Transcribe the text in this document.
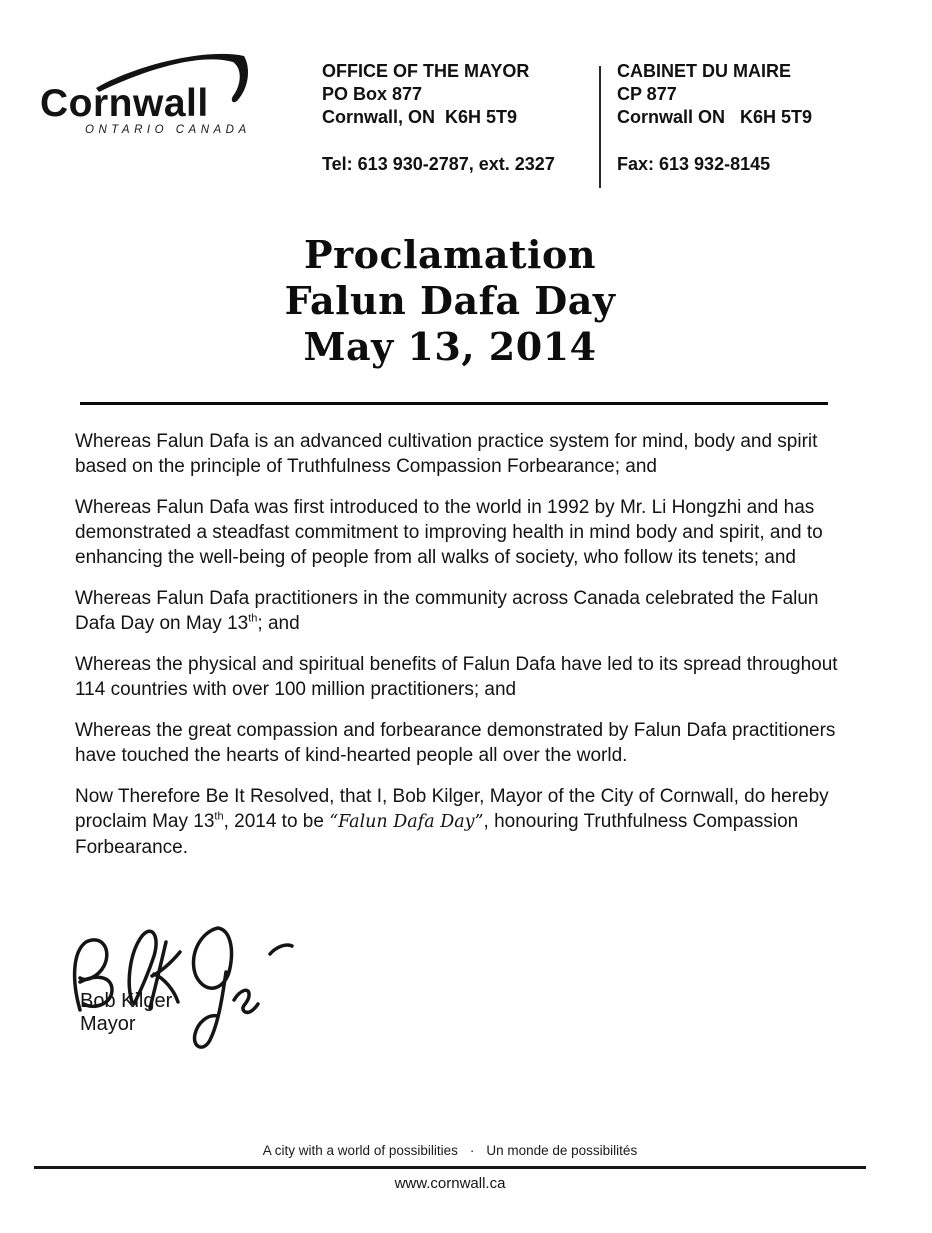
Cornwall
ONTARIO CANADA
OFFICE OF THE MAYOR
PO Box 877
Cornwall, ON  K6H 5T9
Tel: 613 930-2787, ext. 2327
CABINET DU MAIRE
CP 877
Cornwall ON   K6H 5T9
Fax: 613 932-8145
Proclamation
Falun Dafa Day
May 13, 2014

Whereas Falun Dafa is an advanced cultivation practice system for mind, body and spirit based on the principle of Truthfulness Compassion Forbearance; and

Whereas Falun Dafa was first introduced to the world in 1992 by Mr. Li Hongzhi and has demonstrated a steadfast commitment to improving health in mind body and spirit, and to enhancing the well-being of people from all walks of society, who follow its tenets; and

Whereas Falun Dafa practitioners in the community across Canada celebrated the Falun Dafa Day on May 13th; and

Whereas the physical and spiritual benefits of Falun Dafa have led to its spread throughout 114 countries with over 100 million practitioners; and

Whereas the great compassion and forbearance demonstrated by Falun Dafa practitioners have touched the hearts of kind-hearted people all over the world.

Now Therefore Be It Resolved, that I, Bob Kilger, Mayor of the City of Cornwall, do hereby proclaim May 13th, 2014 to be “Falun Dafa Day”, honouring Truthfulness Compassion Forbearance.

Bob Kilger
Mayor
A city with a world of possibilities · Un monde de possibilités
www.cornwall.ca
